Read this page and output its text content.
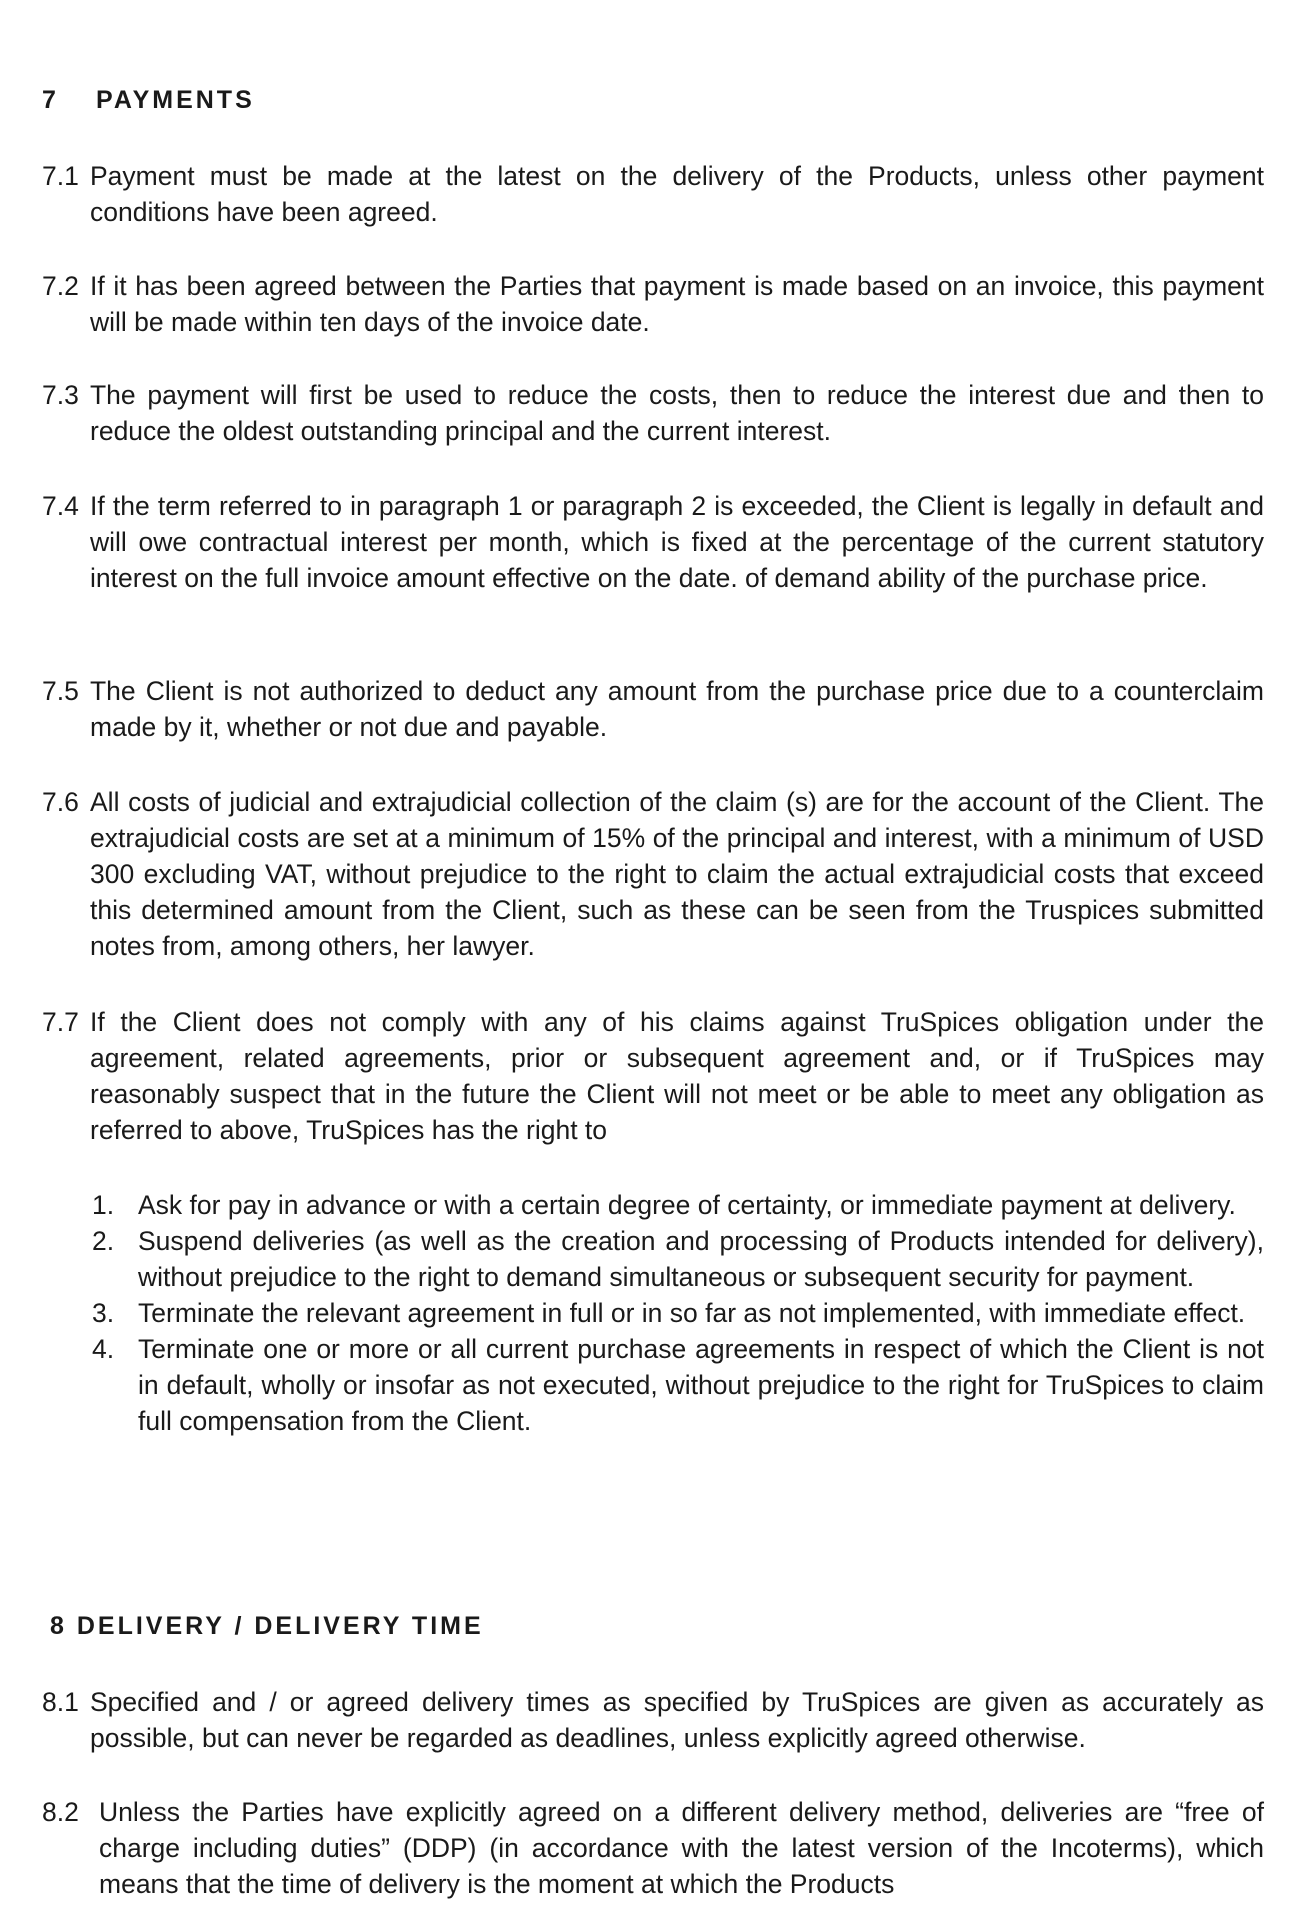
7 PAYMENTS
7.1 Payment must be made at the latest on the delivery of the Products, unless other payment conditions have been agreed.
7.2 If it has been agreed between the Parties that payment is made based on an invoice, this payment will be made within ten days of the invoice date.
7.3 The payment will first be used to reduce the costs, then to reduce the interest due and then to reduce the oldest outstanding principal and the current interest.
7.4 If the term referred to in paragraph 1 or paragraph 2 is exceeded, the Client is legally in default and will owe contractual interest per month, which is fixed at the percentage of the current statutory interest on the full invoice amount effective on the date. of demand ability of the purchase price.
7.5 The Client is not authorized to deduct any amount from the purchase price due to a counterclaim made by it, whether or not due and payable.
7.6 All costs of judicial and extrajudicial collection of the claim (s) are for the account of the Client. The extrajudicial costs are set at a minimum of 15% of the principal and interest, with a minimum of USD 300 excluding VAT, without prejudice to the right to claim the actual extrajudicial costs that exceed this determined amount from the Client, such as these can be seen from the Truspices submitted notes from, among others, her lawyer.
7.7 If the Client does not comply with any of his claims against TruSpices obligation under the agreement, related agreements, prior or subsequent agreement and, or if TruSpices may reasonably suspect that in the future the Client will not meet or be able to meet any obligation as referred to above, TruSpices has the right to
1. Ask for pay in advance or with a certain degree of certainty, or immediate payment at delivery.
2. Suspend deliveries (as well as the creation and processing of Products intended for delivery), without prejudice to the right to demand simultaneous or subsequent security for payment.
3. Terminate the relevant agreement in full or in so far as not implemented, with immediate effect.
4. Terminate one or more or all current purchase agreements in respect of which the Client is not in default, wholly or insofar as not executed, without prejudice to the right for TruSpices to claim full compensation from the Client.
8 DELIVERY / DELIVERY TIME
8.1 Specified and / or agreed delivery times as specified by TruSpices are given as accurately as possible, but can never be regarded as deadlines, unless explicitly agreed otherwise.
8.2 Unless the Parties have explicitly agreed on a different delivery method, deliveries are “free of charge including duties” (DDP) (in accordance with the latest version of the Incoterms), which means that the time of delivery is the moment at which the Products
